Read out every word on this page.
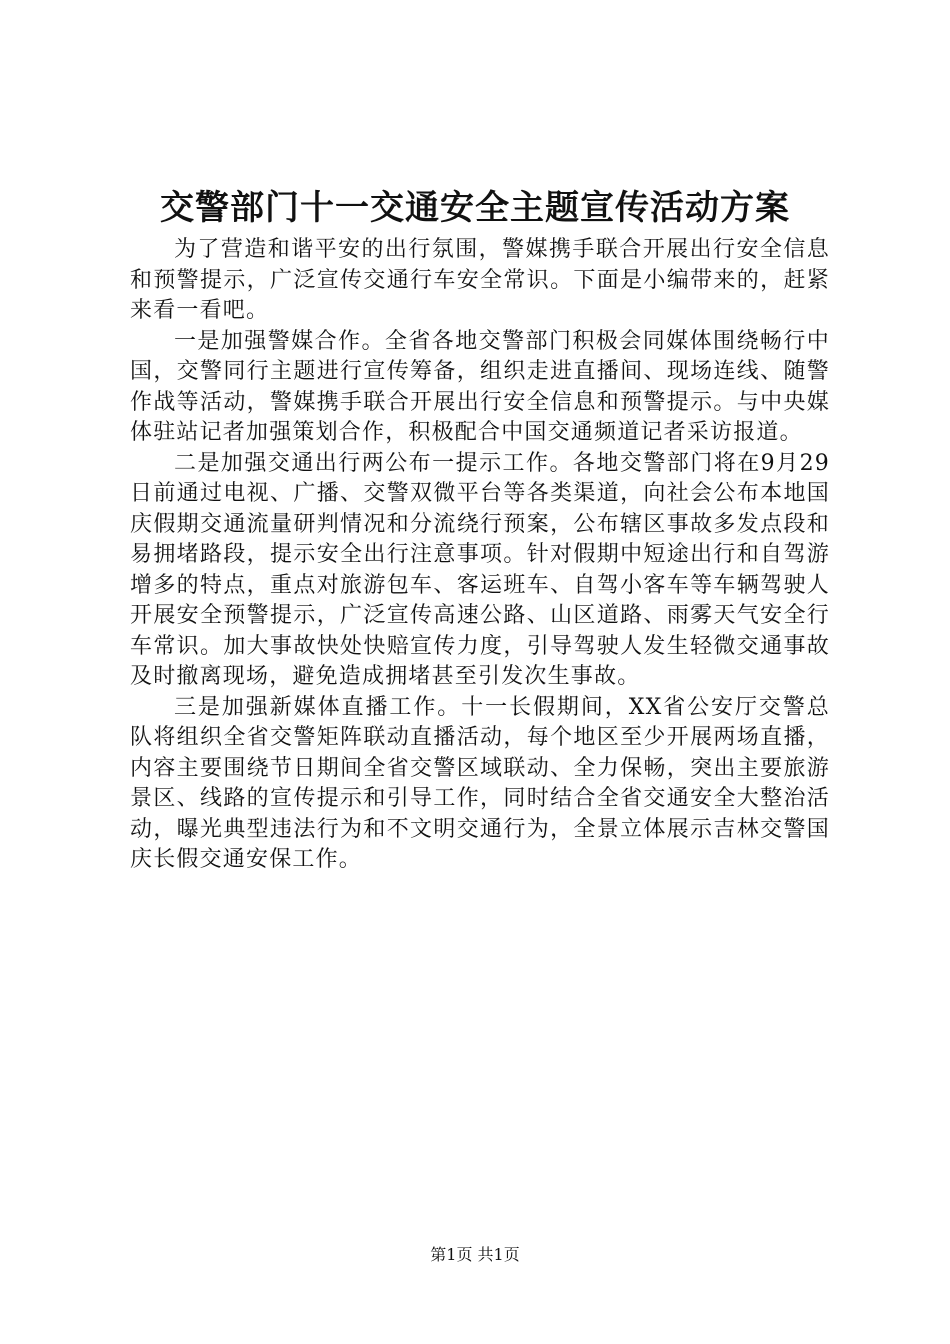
交警部门十一交通安全主题宣传活动方案

为了营造和谐平安的出行氛围，警媒携手联合开展出行安全信息和预警提示，广泛宣传交通行车安全常识。下面是小编带来的，赶紧来看一看吧。

一是加强警媒合作。全省各地交警部门积极会同媒体围绕畅行中国，交警同行主题进行宣传筹备，组织走进直播间、现场连线、随警作战等活动，警媒携手联合开展出行安全信息和预警提示。与中央媒体驻站记者加强策划合作，积极配合中国交通频道记者采访报道。

二是加强交通出行两公布一提示工作。各地交警部门将在9月29日前通过电视、广播、交警双微平台等各类渠道，向社会公布本地国庆假期交通流量研判情况和分流绕行预案，公布辖区事故多发点段和易拥堵路段，提示安全出行注意事项。针对假期中短途出行和自驾游增多的特点，重点对旅游包车、客运班车、自驾小客车等车辆驾驶人开展安全预警提示，广泛宣传高速公路、山区道路、雨雾天气安全行车常识。加大事故快处快赔宣传力度，引导驾驶人发生轻微交通事故及时撤离现场，避免造成拥堵甚至引发次生事故。

三是加强新媒体直播工作。十一长假期间，XX省公安厅交警总队将组织全省交警矩阵联动直播活动，每个地区至少开展两场直播，内容主要围绕节日期间全省交警区域联动、全力保畅，突出主要旅游景区、线路的宣传提示和引导工作，同时结合全省交通安全大整治活动，曝光典型违法行为和不文明交通行为，全景立体展示吉林交警国庆长假交通安保工作。

第1页 共1页
